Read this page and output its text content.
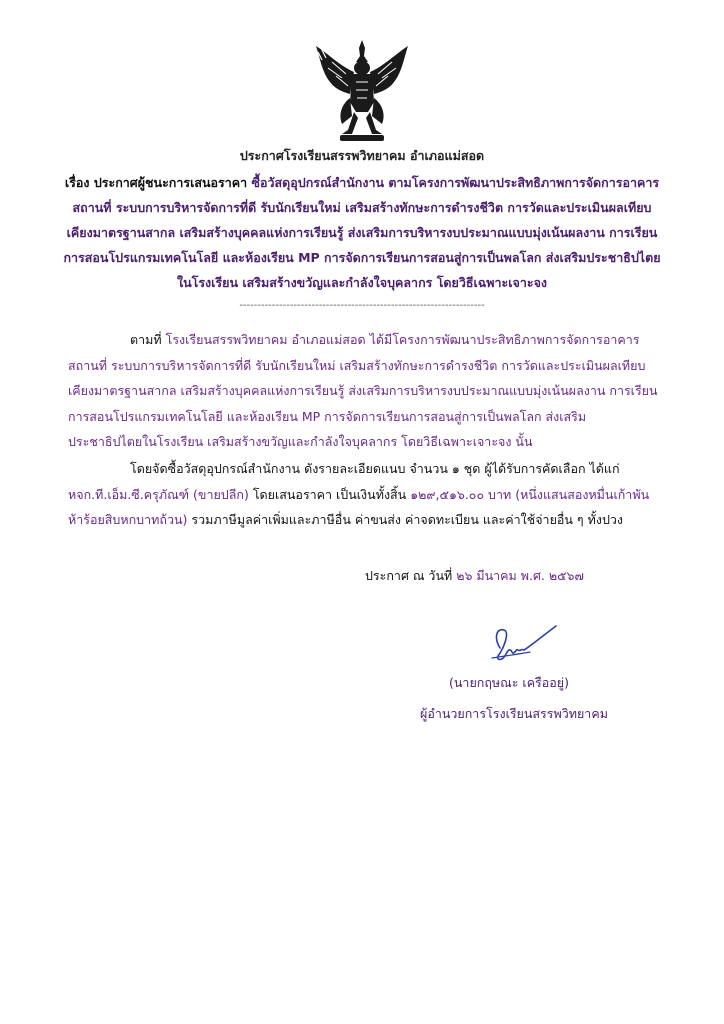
ประกาศโรงเรียนสรรพวิทยาคม อำเภอแม่สอด
เรื่อง ประกาศผู้ชนะการเสนอราคา ซื้อวัสดุอุปกรณ์สำนักงาน ตามโครงการพัฒนาประสิทธิภาพการจัดการอาคารสถานที่ ระบบการบริหารจัดการที่ดี รับนักเรียนใหม่ เสริมสร้างทักษะการดำรงชีวิต การวัดและประเมินผลเทียบเคียงมาตรฐานสากล เสริมสร้างบุคคลแห่งการเรียนรู้ ส่งเสริมการบริหารงบประมาณแบบมุ่งเน้นผลงาน การเรียนการสอนโปรแกรมเทคโนโลยี และห้องเรียน MP การจัดการเรียนการสอนสู่การเป็นพลโลก ส่งเสริมประชาธิปไตยในโรงเรียน เสริมสร้างขวัญและกำลังใจบุคลากร โดยวิธีเฉพาะเจาะจง
--------------------------------------------------------------------
ตามที่ โรงเรียนสรรพวิทยาคม อำเภอแม่สอด ได้มีโครงการพัฒนาประสิทธิภาพการจัดการอาคารสถานที่ ระบบการบริหารจัดการที่ดี รับนักเรียนใหม่ เสริมสร้างทักษะการดำรงชีวิต การวัดและประเมินผลเทียบเคียงมาตรฐานสากล เสริมสร้างบุคคลแห่งการเรียนรู้ ส่งเสริมการบริหารงบประมาณแบบมุ่งเน้นผลงาน การเรียนการสอนโปรแกรมเทคโนโลยี และห้องเรียน MP การจัดการเรียนการสอนสู่การเป็นพลโลก ส่งเสริมประชาธิปไตยในโรงเรียน เสริมสร้างขวัญและกำลังใจบุคลากร โดยวิธีเฉพาะเจาะจง นั้น
โดยจัดซื้อวัสดุอุปกรณ์สำนักงาน ดังรายละเอียดแนบ จำนวน ๑ ชุด ผู้ได้รับการคัดเลือก ได้แก่ หจก.ที.เอ็ม.ซี.ครุภัณฑ์ (ขายปลีก) โดยเสนอราคา เป็นเงินทั้งสิ้น ๑๒๙,๕๑๖.๐๐ บาท (หนึ่งแสนสองหมื่นเก้าพันห้าร้อยสิบหกบาทถ้วน) รวมภาษีมูลค่าเพิ่มและภาษีอื่น ค่าขนส่ง ค่าจดทะเบียน และค่าใช้จ่ายอื่น ๆ ทั้งปวง
ประกาศ ณ วันที่ ๒๖ มีนาคม พ.ศ. ๒๕๖๗
(นายกฤษณะ เครืออยู่)
ผู้อำนวยการโรงเรียนสรรพวิทยาคม
